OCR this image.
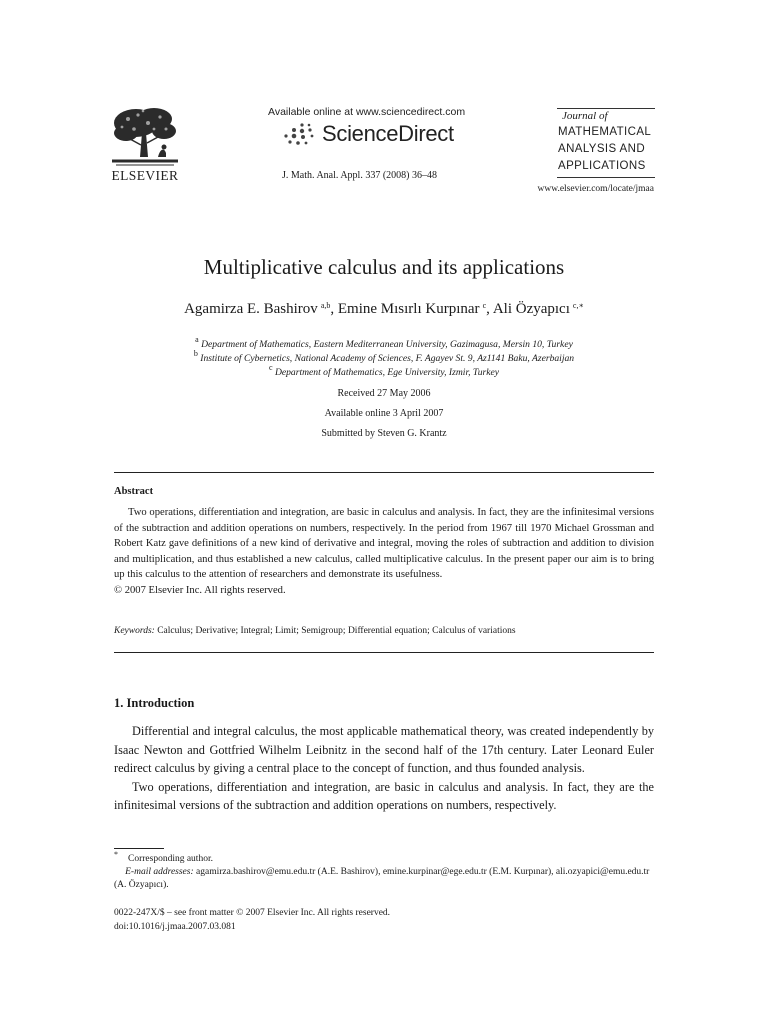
ELSEVIER
Available online at www.sciencedirect.com
ScienceDirect
J. Math. Anal. Appl. 337 (2008) 36–48
Journal of
MATHEMATICAL
ANALYSIS AND
APPLICATIONS
www.elsevier.com/locate/jmaa
Multiplicative calculus and its applications
Agamirza E. Bashirov  $^{a,b}$, Emine Mısırlı Kurpınar  $^c$, Ali Özyapıcı  $^{c,∗}$
$^a$ Department of Mathematics, Eastern Mediterranean University, Gazimagusa, Mersin 10, Turkey
$^b$ Institute of Cybernetics, National Academy of Sciences, F. Agayev St. 9, Az1141 Baku, Azerbaijan
$^c$ Department of Mathematics, Ege University, Izmir, Turkey
Received 27 May 2006
Available online 3 April 2007
Submitted by Steven G. Krantz
Abstract

Two operations, differentiation and integration, are basic in calculus and analysis. In fact, they are the infinitesimal versions of the subtraction and addition operations on numbers, respectively. In the period from 1967 till 1970 Michael Grossman and Robert Katz gave definitions of a new kind of derivative and integral, moving the roles of subtraction and addition to division and multiplication, and thus established a new calculus, called multiplicative calculus. In the present paper our aim is to bring up this calculus to the attention of researchers and demonstrate its usefulness.

© 2007 Elsevier Inc. All rights reserved.

Keywords: Calculus; Derivative; Integral; Limit; Semigroup; Differential equation; Calculus of variations
1. Introduction

Differential and integral calculus, the most applicable mathematical theory, was created independently by Isaac Newton and Gottfried Wilhelm Leibnitz in the second half of the 17th century. Later Leonard Euler redirect calculus by giving a central place to the concept of function, and thus founded analysis.

Two operations, differentiation and integration, are basic in calculus and analysis. In fact, they are the infinitesimal versions of the subtraction and addition operations on numbers, respectively.

* Corresponding author.

E-mail addresses: agamirza.bashirov@emu.edu.tr (A.E. Bashirov), emine.kurpinar@ege.edu.tr (E.M. Kurpınar), ali.ozyapici@emu.edu.tr (A. Özyapıcı).

0022-247X/$ – see front matter © 2007 Elsevier Inc. All rights reserved.
doi:10.1016/j.jmaa.2007.03.081
